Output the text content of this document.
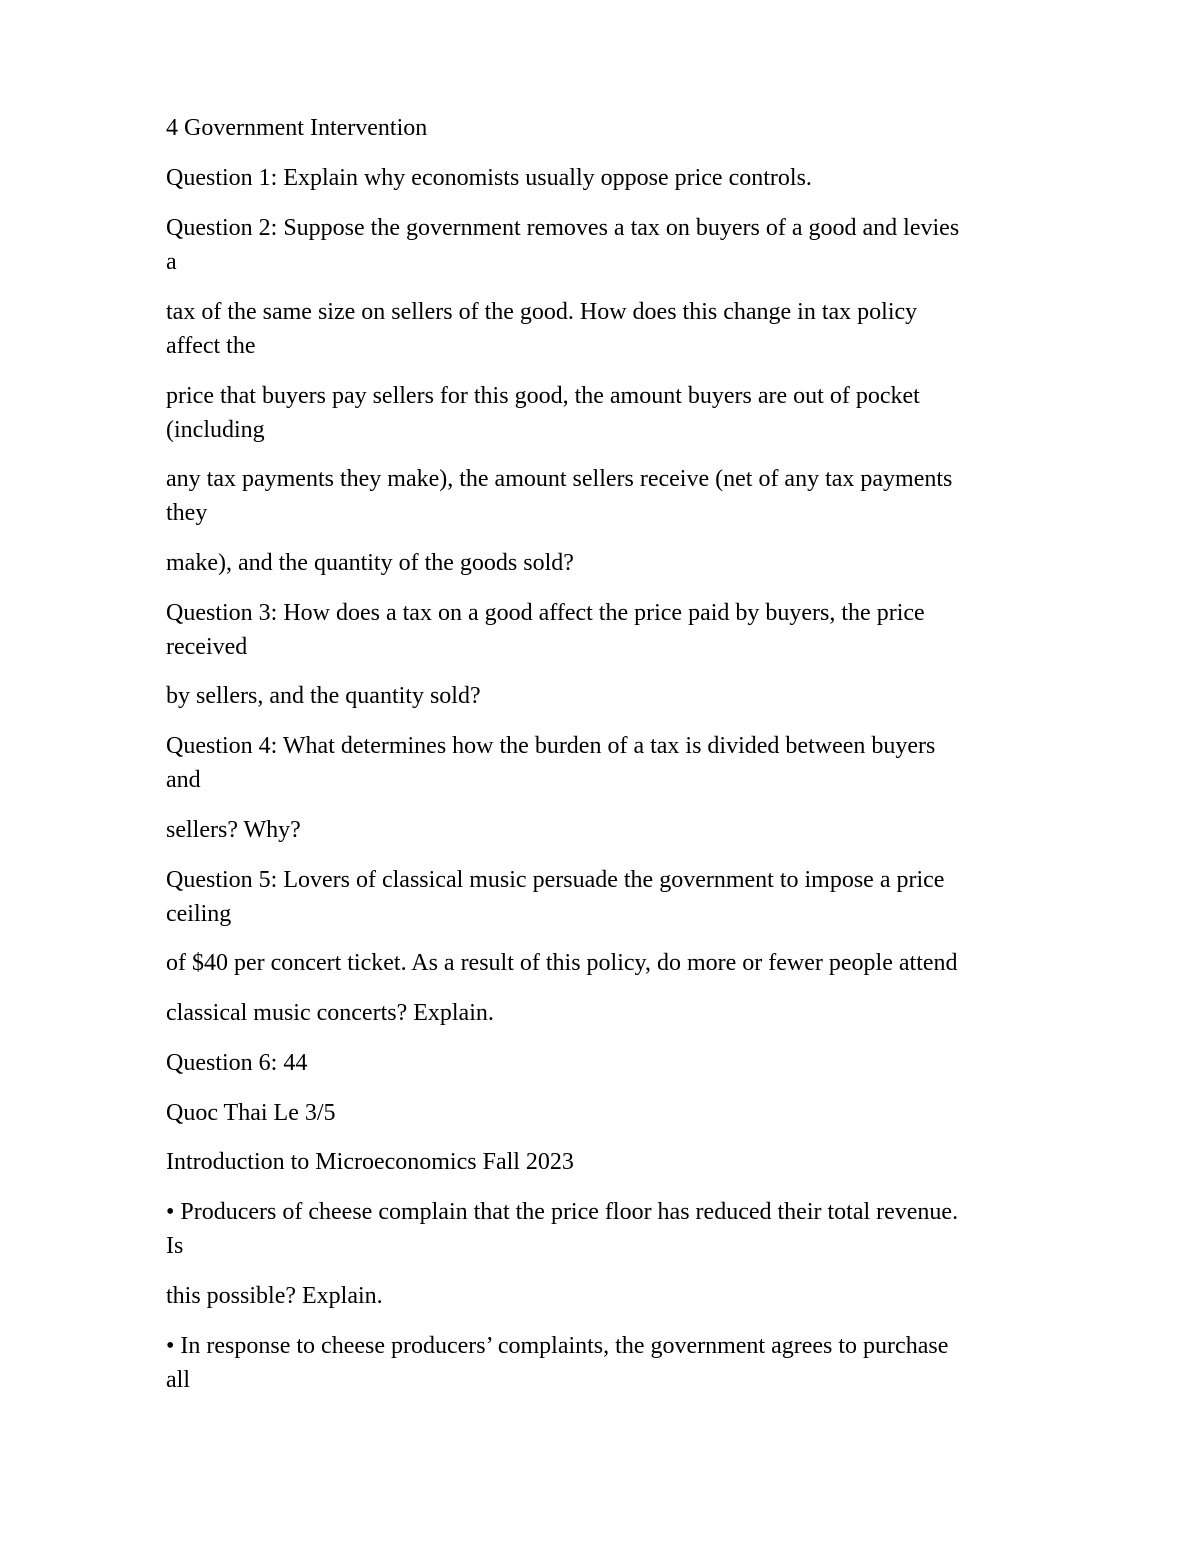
4 Government Intervention
Question 1: Explain why economists usually oppose price controls.
Question 2: Suppose the government removes a tax on buyers of a good and levies
a
tax of the same size on sellers of the good. How does this change in tax policy
affect the
price that buyers pay sellers for this good, the amount buyers are out of pocket
(including
any tax payments they make), the amount sellers receive (net of any tax payments
they
make), and the quantity of the goods sold?
Question 3: How does a tax on a good affect the price paid by buyers, the price
received
by sellers, and the quantity sold?
Question 4: What determines how the burden of a tax is divided between buyers
and
sellers? Why?
Question 5: Lovers of classical music persuade the government to impose a price
ceiling
of $40 per concert ticket. As a result of this policy, do more or fewer people attend
classical music concerts? Explain.
Question 6: 44
Quoc Thai Le 3/5
Introduction to Microeconomics Fall 2023
• Producers of cheese complain that the price floor has reduced their total revenue.
Is
this possible? Explain.
• In response to cheese producers’ complaints, the government agrees to purchase
all
